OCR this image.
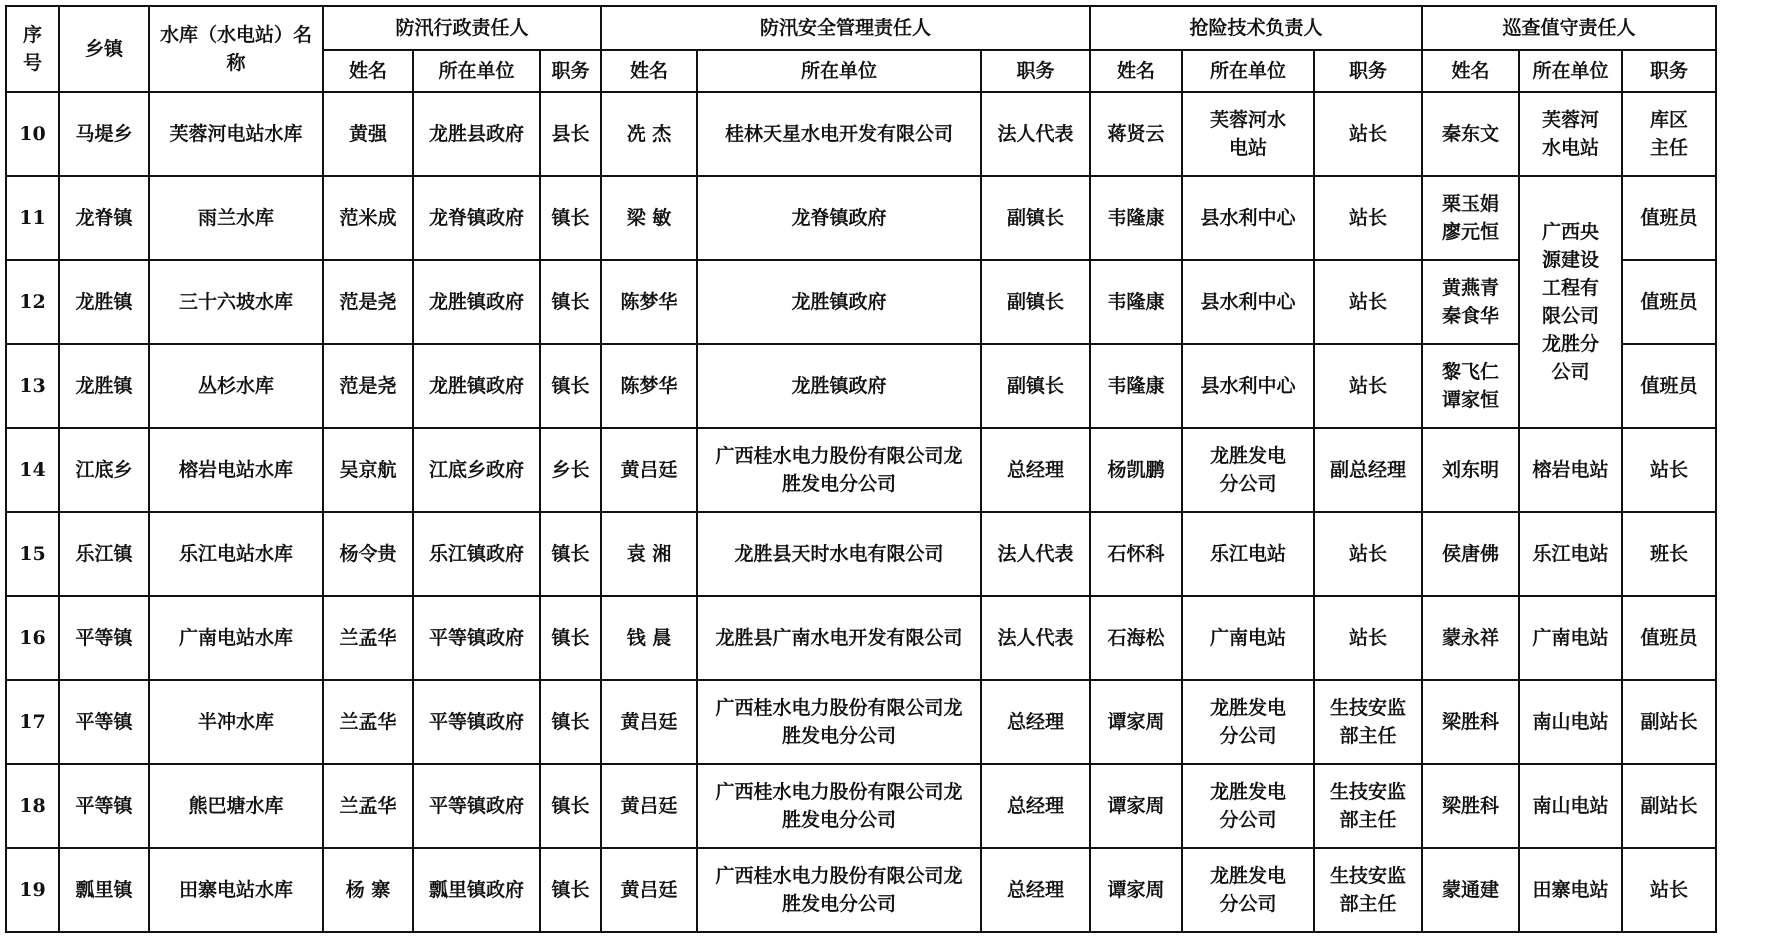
序号	乡镇	水库（水电站）名称	防汛行政责任人			防汛安全管理责任人			抢险技术负责人			巡查值守责任人		
			姓名	所在单位	职务	姓名	所在单位	职务	姓名	所在单位	职务	姓名	所在单位	职务
10	马堤乡	芙蓉河电站水库	黄强	龙胜县政府	县长	冼 杰	桂林天星水电开发有限公司	法人代表	蒋贤云	芙蓉河水电站	站长	秦东文	芙蓉河水电站	库区主任
11	龙脊镇	雨兰水库	范米成	龙脊镇政府	镇长	梁 敏	龙脊镇政府	副镇长	韦隆康	县水利中心	站长	栗玉娟 廖元恒	广西央源建设工程有限公司龙胜分公司	值班员
12	龙胜镇	三十六坡水库	范是尧	龙胜镇政府	镇长	陈梦华	龙胜镇政府	副镇长	韦隆康	县水利中心	站长	黄燕青 秦食华		值班员
13	龙胜镇	丛杉水库	范是尧	龙胜镇政府	镇长	陈梦华	龙胜镇政府	副镇长	韦隆康	县水利中心	站长	黎飞仁 谭家恒		值班员
14	江底乡	榕岩电站水库	吴京航	江底乡政府	乡长	黄吕廷	广西桂水电力股份有限公司龙胜发电分公司	总经理	杨凯鹏	龙胜发电分公司	副总经理	刘东明	榕岩电站	站长
15	乐江镇	乐江电站水库	杨令贵	乐江镇政府	镇长	袁 湘	龙胜县天时水电有限公司	法人代表	石怀科	乐江电站	站长	侯唐佛	乐江电站	班长
16	平等镇	广南电站水库	兰孟华	平等镇政府	镇长	钱 晨	龙胜县广南水电开发有限公司	法人代表	石海松	广南电站	站长	蒙永祥	广南电站	值班员
17	平等镇	半冲水库	兰孟华	平等镇政府	镇长	黄吕廷	广西桂水电力股份有限公司龙胜发电分公司	总经理	谭家周	龙胜发电分公司	生技安监部主任	梁胜科	南山电站	副站长
18	平等镇	熊巴塘水库	兰孟华	平等镇政府	镇长	黄吕廷	广西桂水电力股份有限公司龙胜发电分公司	总经理	谭家周	龙胜发电分公司	生技安监部主任	梁胜科	南山电站	副站长
19	瓢里镇	田寨电站水库	杨 寨	瓢里镇政府	镇长	黄吕廷	广西桂水电力股份有限公司龙胜发电分公司	总经理	谭家周	龙胜发电分公司	生技安监部主任	蒙通建	田寨电站	站长
